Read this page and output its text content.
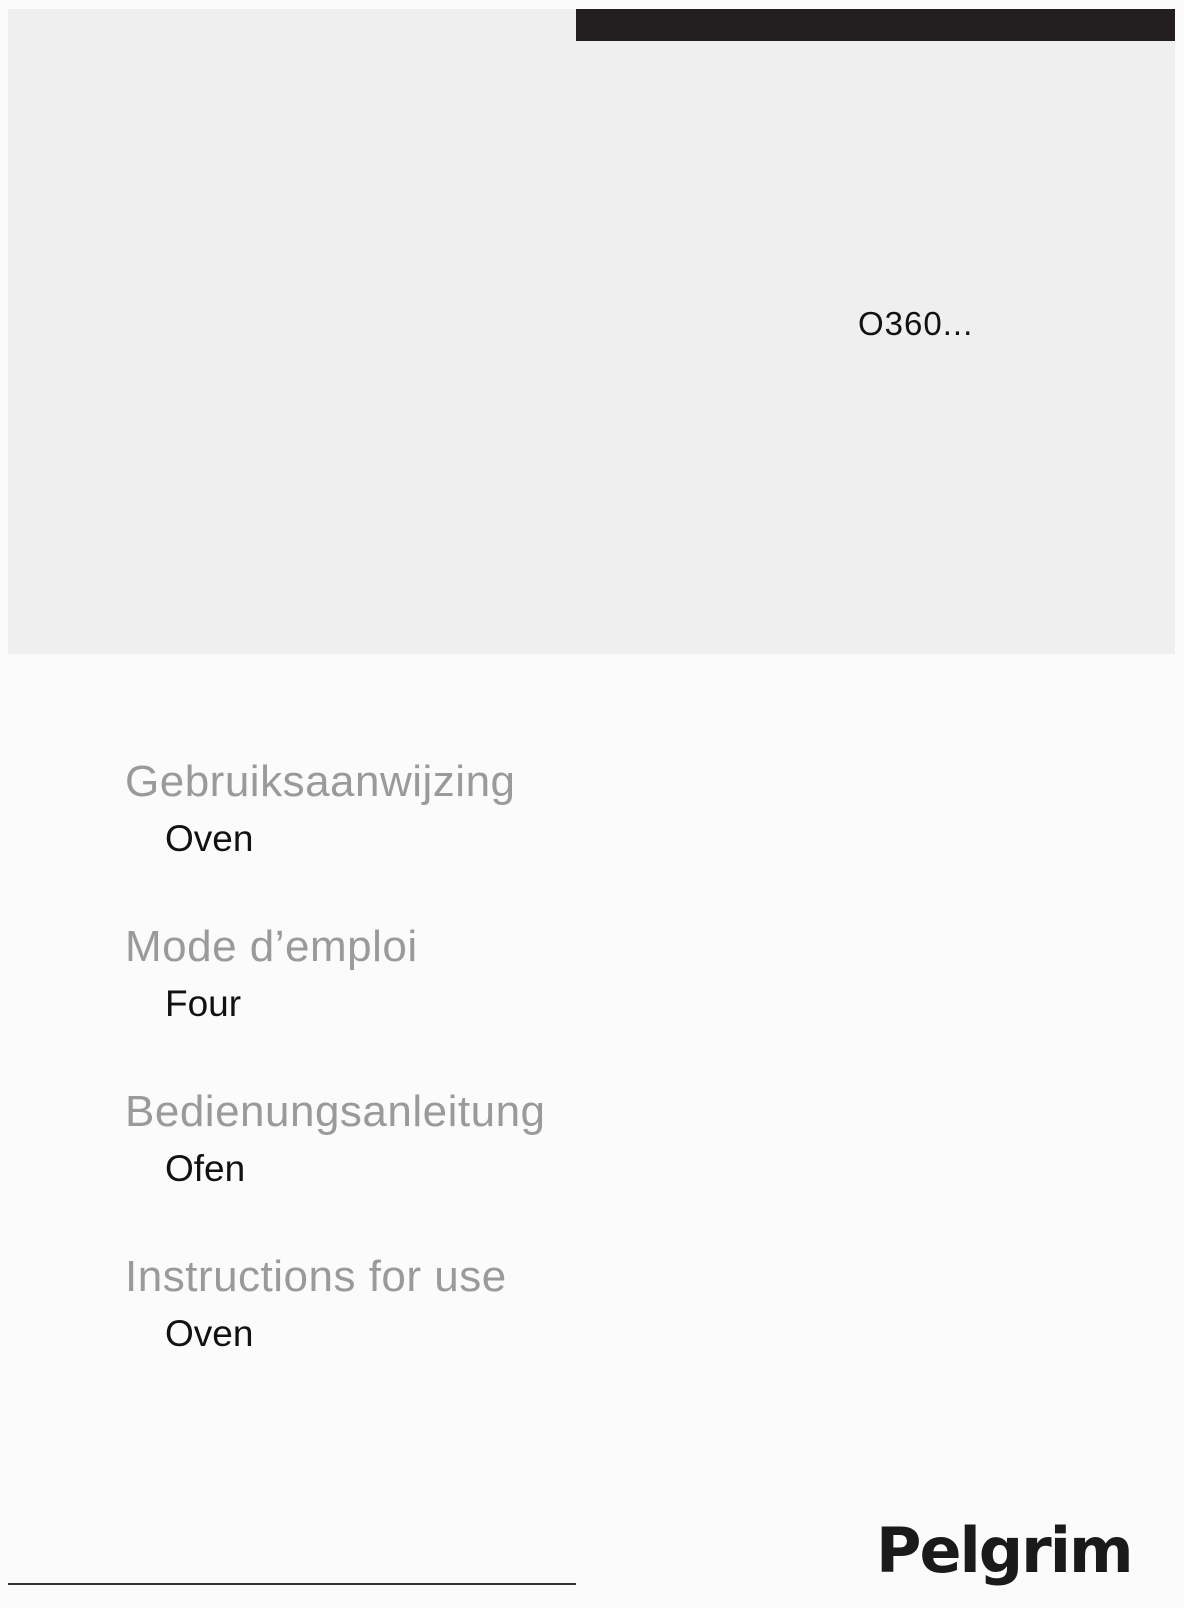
O360...
Gebruiksaanwijzing
Oven
Mode d’emploi
Four
Bedienungsanleitung
Ofen
Instructions for use
Oven
Pelgrim
